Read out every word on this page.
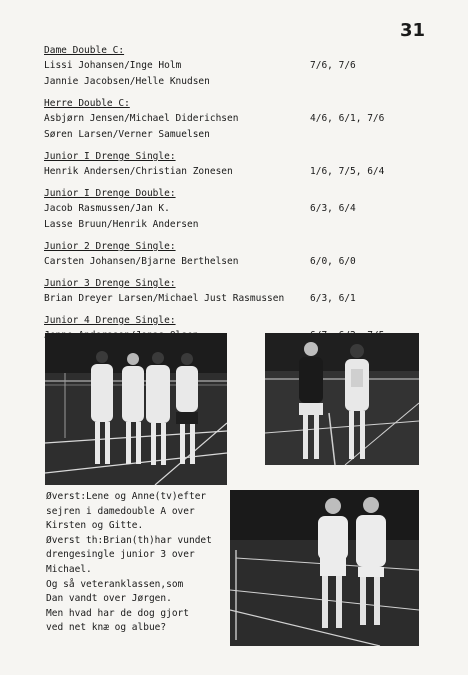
31

Dame Double C:

Lissi Johansen/Inge Holm	7/6, 7/6
Jannie Jacobsen/Helle Knudsen

Herre Double C:

Asbjørn Jensen/Michael Diderichsen	4/6, 6/1, 7/6
Søren Larsen/Verner Samuelsen

Junior I Drenge Single:

Henrik Andersen/Christian Zonesen	1/6, 7/5, 6/4

Junior I Drenge Double:

Jacob Rasmussen/Jan K.	6/3, 6/4
Lasse Bruun/Henrik Andersen

Junior 2 Drenge Single:

Carsten Johansen/Bjarne Berthelsen	6/0, 6/0

Junior 3 Drenge Single:

Brian Dreyer Larsen/Michael Just Rasmussen	6/3, 6/1

Junior 4 Drenge Single:

Øverst:Lene og Anne(tv)efter
sejren i damedouble A over
Kirsten og Gitte.
Øverst th:Brian(th)har vundet
drengesingle junior 3 over
Michael.
Og så veteranklassen,som
Dan vandt over Jørgen.
Men hvad har de dog gjort
ved net knæ og albue?
